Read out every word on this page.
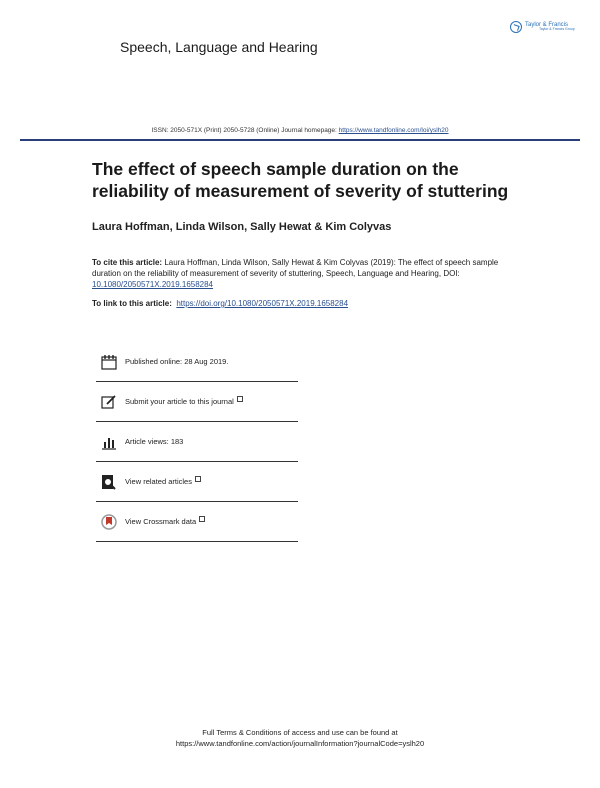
Taylor & Francis
Taylor & Francis Group
Speech, Language and Hearing
ISSN: 2050-571X (Print) 2050-5728 (Online) Journal homepage: https://www.tandfonline.com/loi/yslh20
The effect of speech sample duration on the reliability of measurement of severity of stuttering
Laura Hoffman, Linda Wilson, Sally Hewat & Kim Colyvas
To cite this article: Laura Hoffman, Linda Wilson, Sally Hewat & Kim Colyvas (2019): The effect of speech sample duration on the reliability of measurement of severity of stuttering, Speech, Language and Hearing, DOI: 10.1080/2050571X.2019.1658284
To link to this article: https://doi.org/10.1080/2050571X.2019.1658284
Published online: 28 Aug 2019.
Submit your article to this journal
Article views: 183
View related articles
View Crossmark data
Full Terms & Conditions of access and use can be found at
https://www.tandfonline.com/action/journalInformation?journalCode=yslh20
